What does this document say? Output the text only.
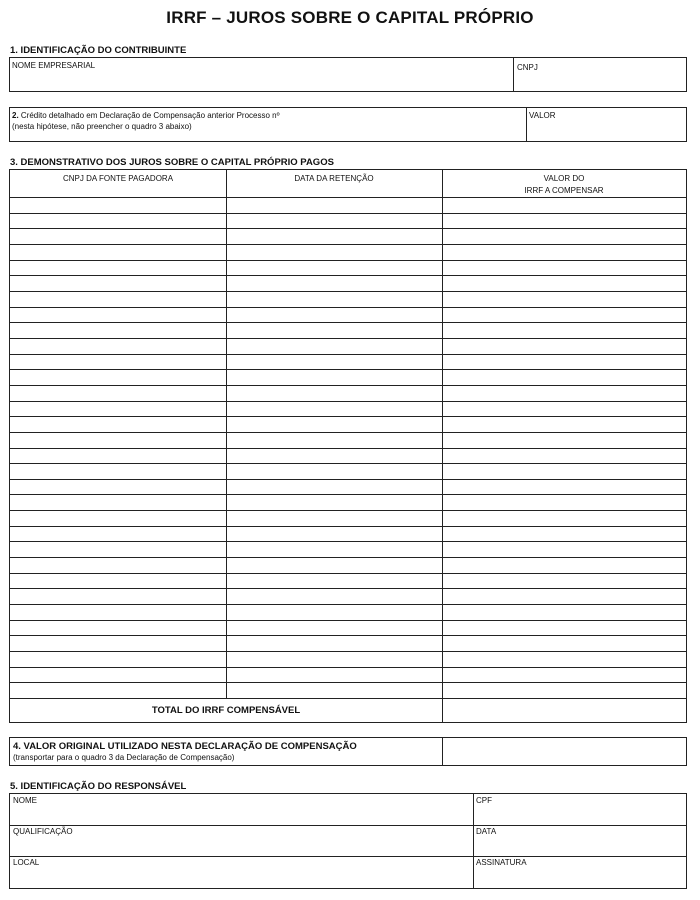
IRRF – JUROS SOBRE O CAPITAL PRÓPRIO
1. IDENTIFICAÇÃO DO CONTRIBUINTE
NOME EMPRESARIAL	CNPJ
2. Crédito detalhado em Declaração de Compensação anterior Processo nº
(nesta hipótese, não preencher o quadro 3 abaixo)
VALOR
3. DEMONSTRATIVO DOS JUROS SOBRE O CAPITAL PRÓPRIO PAGOS
CNPJ DA FONTE PAGADORA	DATA DA RETENÇÃO	VALOR DO
IRRF A COMPENSAR
TOTAL DO IRRF COMPENSÁVEL
4. VALOR ORIGINAL UTILIZADO NESTA DECLARAÇÃO DE COMPENSAÇÃO
(transportar para o quadro 3 da Declaração de Compensação)
5. IDENTIFICAÇÃO DO RESPONSÁVEL
NOME	CPF
QUALIFICAÇÃO	DATA
LOCAL	ASSINATURA
